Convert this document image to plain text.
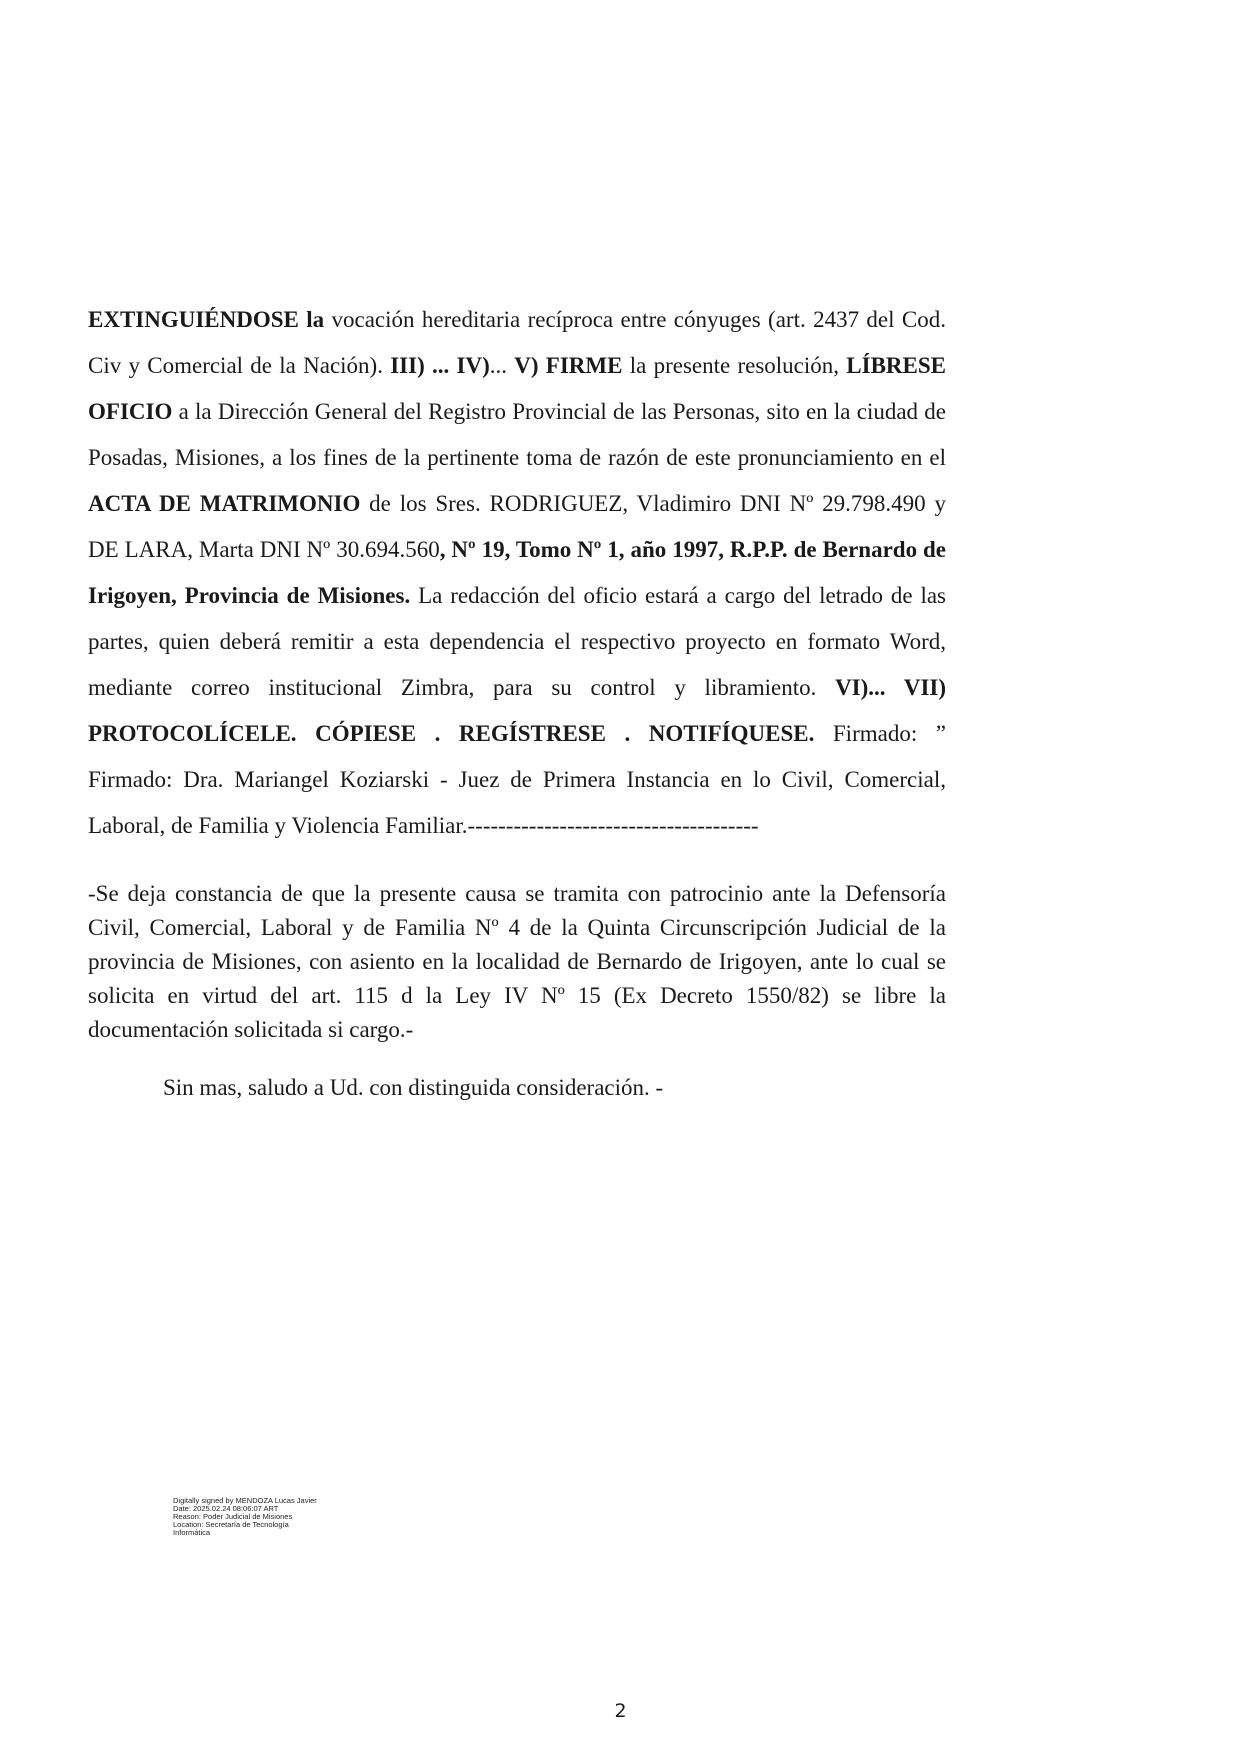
EXTINGUIÉNDOSE la vocación hereditaria recíproca entre cónyuges (art. 2437 del Cod. Civ y Comercial de la Nación). III) ... IV)... V) FIRME la presente resolución, LÍBRESE OFICIO a la Dirección General del Registro Provincial de las Personas, sito en la ciudad de Posadas, Misiones, a los fines de la pertinente toma de razón de este pronunciamiento en el ACTA DE MATRIMONIO de los Sres. RODRIGUEZ, Vladimiro DNI Nº 29.798.490 y DE LARA, Marta DNI Nº 30.694.560, Nº 19, Tomo Nº 1, año 1997, R.P.P. de Bernardo de Irigoyen, Provincia de Misiones. La redacción del oficio estará a cargo del letrado de las partes, quien deberá remitir a esta dependencia el respectivo proyecto en formato Word, mediante correo institucional Zimbra, para su control y libramiento. VI)... VII) PROTOCOLÍCELE. CÓPIESE . REGÍSTRESE . NOTIFÍQUESE. Firmado: ” Firmado: Dra. Mariangel Koziarski - Juez de Primera Instancia en lo Civil, Comercial, Laboral, de Familia y Violencia Familiar.--------------------------------------

-Se deja constancia de que la presente causa se tramita con patrocinio ante la Defensoría Civil, Comercial, Laboral y de Familia Nº 4 de la Quinta Circunscripción Judicial de la provincia de Misiones, con asiento en la localidad de Bernardo de Irigoyen, ante lo cual se solicita en virtud del art. 115 d la Ley IV Nº 15 (Ex Decreto 1550/82) se libre la documentación solicitada si cargo.-

Sin mas, saludo a Ud. con distinguida consideración. -

Digitally signed by MENDOZA Lucas Javier
Date: 2025.02.24 08:06:07 ART
Reason: Poder Judicial de Misiones
Location: Secretaría de Tecnología
Informática
2
